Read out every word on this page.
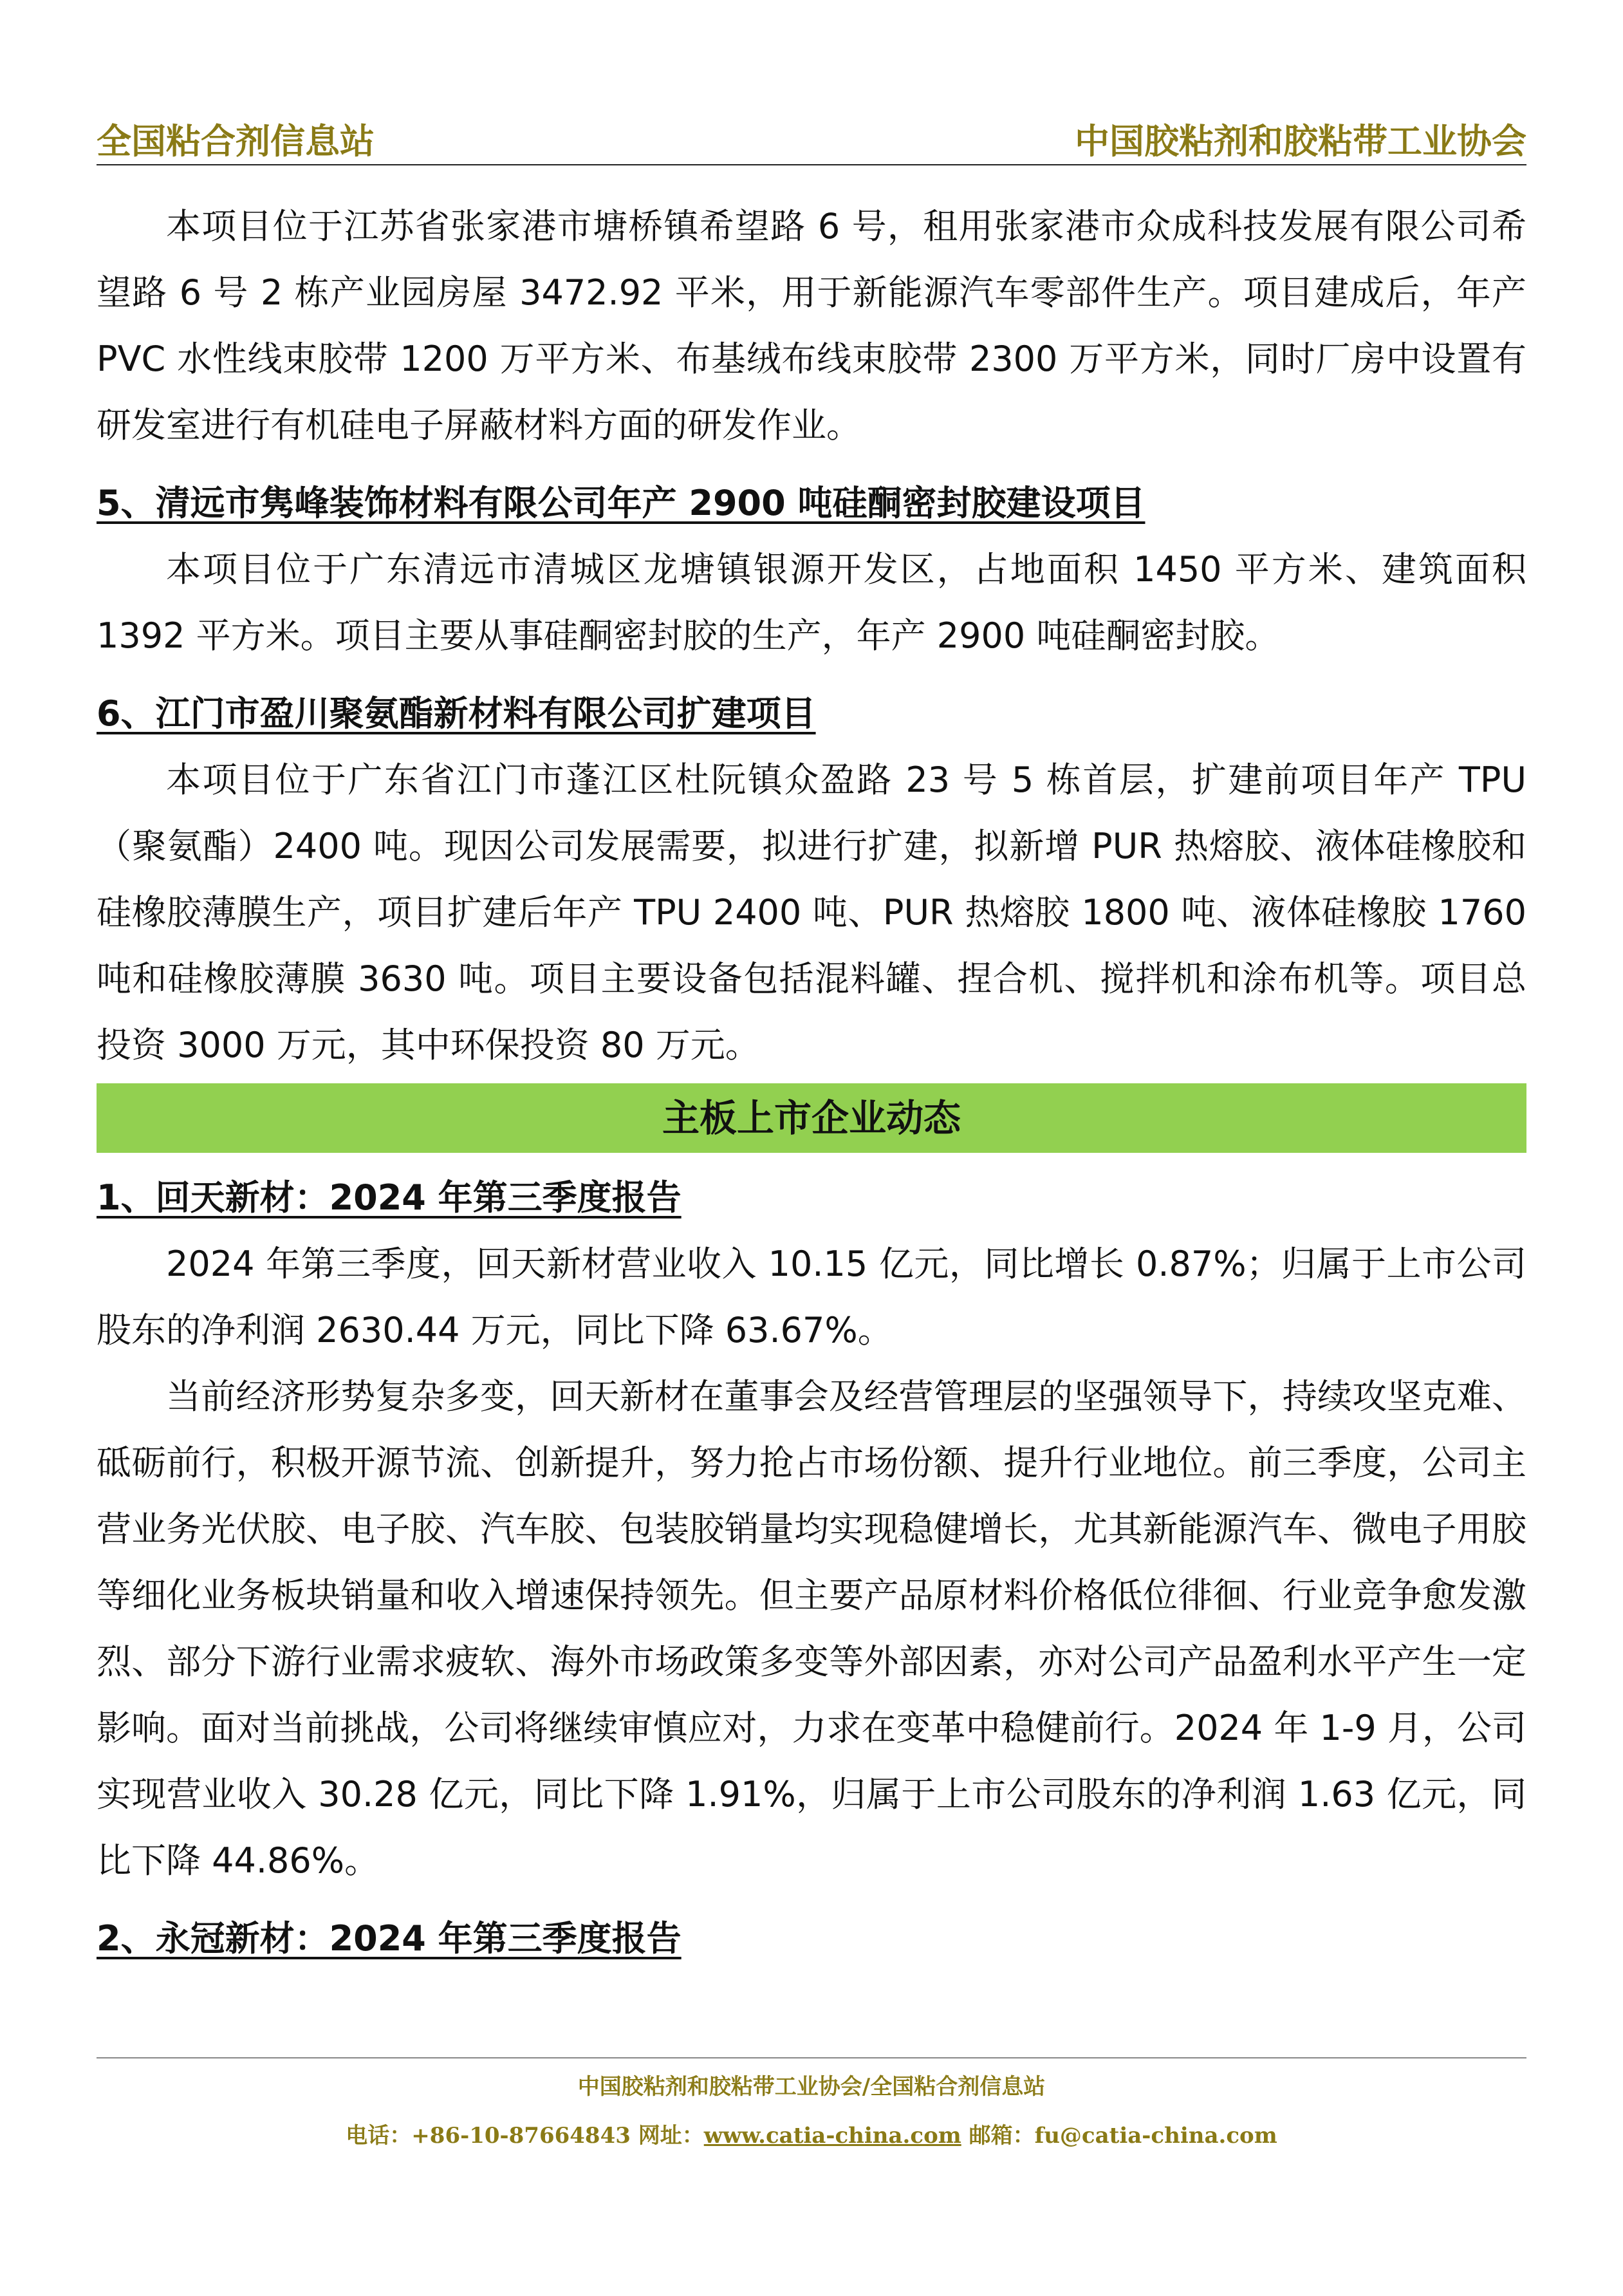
全国粘合剂信息站	中国胶粘剂和胶粘带工业协会

本项目位于江苏省张家港市塘桥镇希望路 6 号，租用张家港市众成科技发展有限公司希望路 6 号 2 栋产业园房屋 3472.92 平米，用于新能源汽车零部件生产。项目建成后，年产 PVC 水性线束胶带 1200 万平方米、布基绒布线束胶带 2300 万平方米，同时厂房中设置有研发室进行有机硅电子屏蔽材料方面的研发作业。

5、清远市隽峰装饰材料有限公司年产 2900 吨硅酮密封胶建设项目

本项目位于广东清远市清城区龙塘镇银源开发区，占地面积 1450 平方米、建筑面积 1392 平方米。项目主要从事硅酮密封胶的生产，年产 2900 吨硅酮密封胶。

6、江门市盈川聚氨酯新材料有限公司扩建项目

本项目位于广东省江门市蓬江区杜阮镇众盈路 23 号 5 栋首层，扩建前项目年产 TPU（聚氨酯）2400 吨。现因公司发展需要，拟进行扩建，拟新增 PUR 热熔胶、液体硅橡胶和硅橡胶薄膜生产，项目扩建后年产 TPU 2400 吨、PUR 热熔胶 1800 吨、液体硅橡胶 1760 吨和硅橡胶薄膜 3630 吨。项目主要设备包括混料罐、捏合机、搅拌机和涂布机等。项目总投资 3000 万元，其中环保投资 80 万元。

主板上市企业动态
1、回天新材：2024 年第三季度报告

2024 年第三季度，回天新材营业收入 10.15 亿元，同比增长 0.87%；归属于上市公司股东的净利润 2630.44 万元，同比下降 63.67%。

当前经济形势复杂多变，回天新材在董事会及经营管理层的坚强领导下，持续攻坚克难、砥砺前行，积极开源节流、创新提升，努力抢占市场份额、提升行业地位。前三季度，公司主营业务光伏胶、电子胶、汽车胶、包装胶销量均实现稳健增长，尤其新能源汽车、微电子用胶等细化业务板块销量和收入增速保持领先。但主要产品原材料价格低位徘徊、行业竞争愈发激烈、部分下游行业需求疲软、海外市场政策多变等外部因素，亦对公司产品盈利水平产生一定影响。面对当前挑战，公司将继续审慎应对，力求在变革中稳健前行。2024 年 1-9 月，公司实现营业收入 30.28 亿元，同比下降 1.91%，归属于上市公司股东的净利润 1.63 亿元，同比下降 44.86%。

2、永冠新材：2024 年第三季度报告
中国胶粘剂和胶粘带工业协会/全国粘合剂信息站
电话：+86-10-87664843 网址：www.catia-china.com 邮箱：fu@catia-china.com
